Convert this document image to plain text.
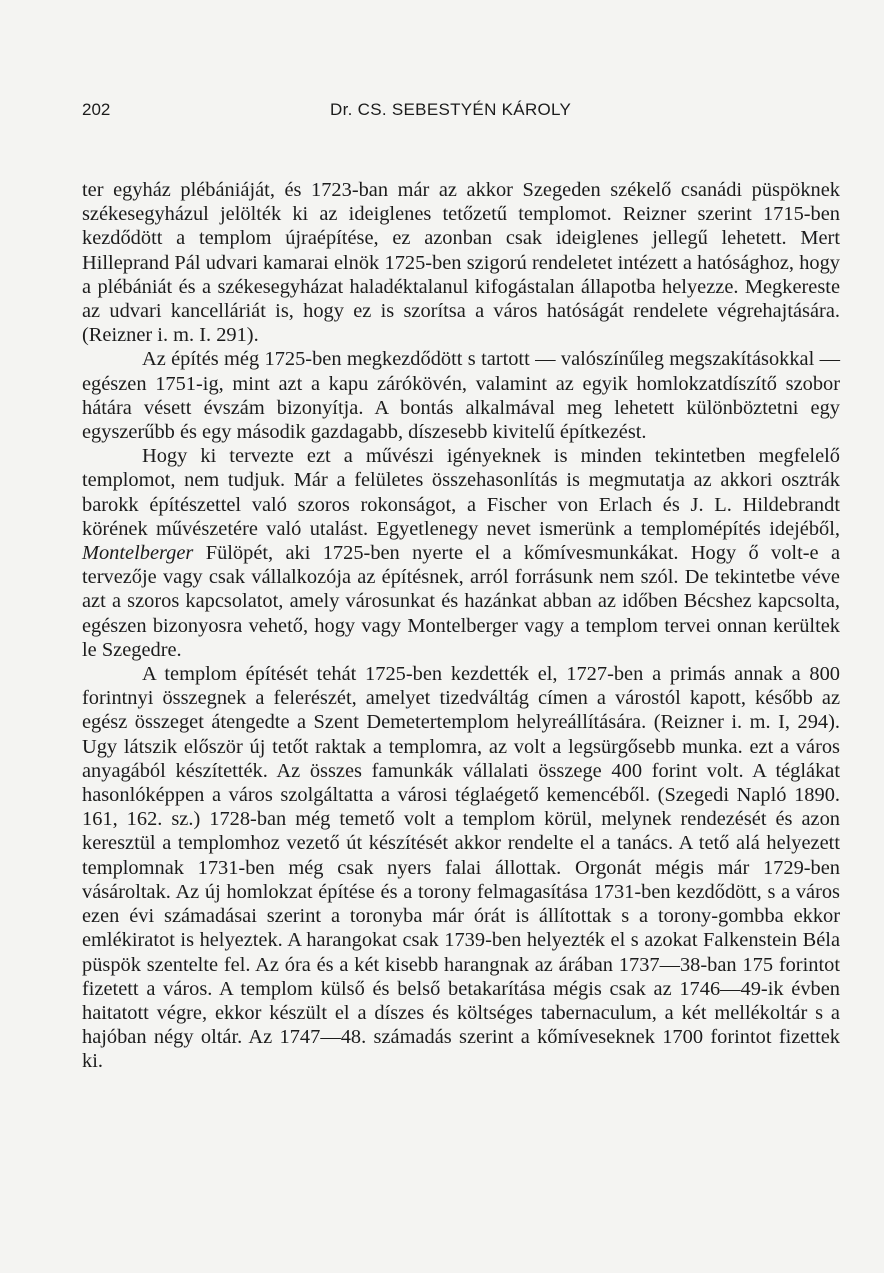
202	Dr. CS. SEBESTYÉN KÁROLY

ter egyház plébániáját, és 1723-ban már az akkor Szegeden székelő csanádi püspöknek székesegyházul jelölték ki az ideiglenes tetőzetű templomot. Reizner szerint 1715-ben kezdődött a templom újraépítése, ez azonban csak ideiglenes jellegű lehetett. Mert Hilleprand Pál udvari kamarai elnök 1725-ben szigorú rendeletet intézett a hatósághoz, hogy a plébániát és a székesegyházat haladéktalanul kifogástalan állapotba helyezze. Megkereste az udvari kancelláriát is, hogy ez is szorítsa a város hatóságát rendelete végrehajtására. (Reizner i. m. I. 291).

Az építés még 1725-ben megkezdődött s tartott — valószínűleg megszakításokkal — egészen 1751-ig, mint azt a kapu zárókövén, valamint az egyik homlokzatdíszítő szobor hátára vésett évszám bizonyítja. A bontás alkalmával meg lehetett különböztetni egy egyszerűbb és egy második gazdagabb, díszesebb kivitelű építkezést.

Hogy ki tervezte ezt a művészi igényeknek is minden tekintetben megfelelő templomot, nem tudjuk. Már a felületes összehasonlítás is megmutatja az akkori osztrák barokk építészettel való szoros rokonságot, a Fischer von Erlach és J. L. Hildebrandt körének művészetére való utalást. Egyetlenegy nevet ismerünk a templomépítés idejéből, Montelberger Fülöpét, aki 1725-ben nyerte el a kőmívesmunkákat. Hogy ő volt-e a tervezője vagy csak vállalkozója az építésnek, arról forrásunk nem szól. De tekintetbe véve azt a szoros kapcsolatot, amely városunkat és hazánkat abban az időben Bécshez kapcsolta, egészen bizonyosra vehető, hogy vagy Montelberger vagy a templom tervei onnan kerültek le Szegedre.

A templom építését tehát 1725-ben kezdették el, 1727-ben a primás annak a 800 forintnyi összegnek a felerészét, amelyet tizedváltág címen a várostól kapott, később az egész összeget átengedte a Szent Demetertemplom helyreállítására. (Reizner i. m. I, 294). Ugy látszik először új tetőt raktak a templomra, az volt a legsürgősebb munka. ezt a város anyagából készítették. Az összes famunkák vállalati összege 400 forint volt. A téglákat hasonlóképpen a város szolgáltatta a városi téglaégető kemencéből. (Szegedi Napló 1890. 161, 162. sz.) 1728-ban még temető volt a templom körül, melynek rendezését és azon keresztül a templomhoz vezető út készítését akkor rendelte el a tanács. A tető alá helyezett templomnak 1731-ben még csak nyers falai állottak. Orgonát mégis már 1729-ben vásároltak. Az új homlokzat építése és a torony felmagasítása 1731-ben kezdődött, s a város ezen évi számadásai szerint a toronyba már órát is állítottak s a torony-gombba ekkor emlékiratot is helyeztek. A harangokat csak 1739-ben helyezték el s azokat Falkenstein Béla püspök szentelte fel. Az óra és a két kisebb harangnak az árában 1737—38-ban 175 forintot fizetett a város. A templom külső és belső betakarítása mégis csak az 1746—49-ik évben haitatott végre, ekkor készült el a díszes és költséges tabernaculum, a két mellékoltár s a hajóban négy oltár. Az 1747—48. számadás szerint a kőmíveseknek 1700 forintot fizettek ki.
